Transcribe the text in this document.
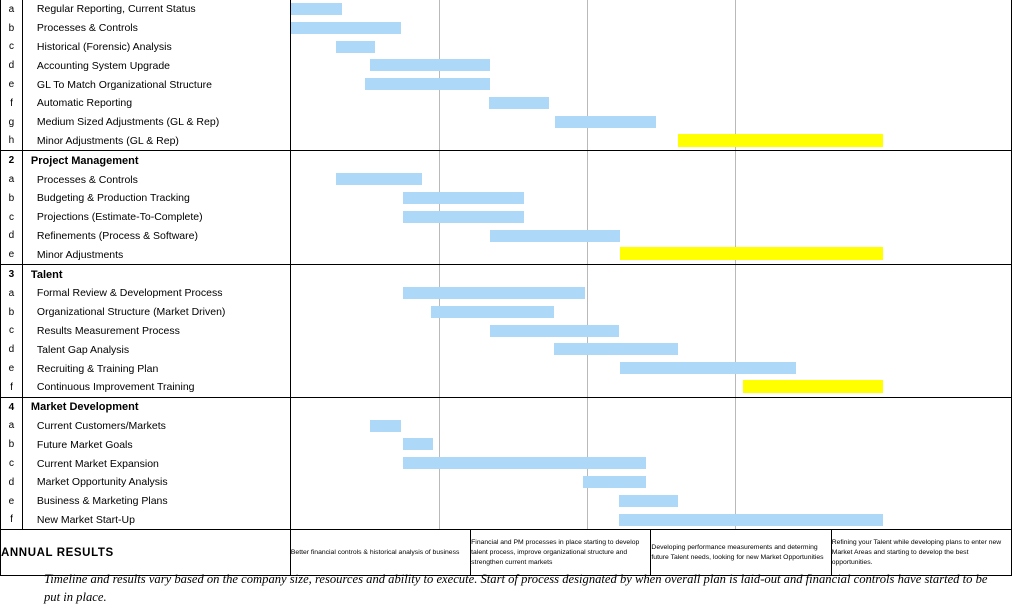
a	Regular Reporting, Current Status				

b	Processes & Controls				

c	Historical (Forensic) Analysis				

d	Accounting System Upgrade				

e	GL To Match Organizational Structure				

f	Automatic Reporting				

g	Medium Sized Adjustments (GL & Rep)				

h	Minor Adjustments (GL & Rep)				

2	Project Management				

a	Processes & Controls				

b	Budgeting & Production Tracking				

c	Projections (Estimate-To-Complete)				

d	Refinements (Process & Software)				

e	Minor Adjustments				

3	Talent				

a	Formal Review & Development Process				

b	Organizational Structure (Market Driven)				

c	Results Measurement Process				

d	Talent Gap Analysis				

e	Recruiting & Training Plan				

f	Continuous Improvement Training				

4	Market Development				

a	Current Customers/Markets				

b	Future Market Goals				

c	Current Market Expansion				

d	Market Opportunity Analysis				

e	Business & Marketing Plans				

f	New Market Start-Up				

ANNUAL RESULTS		Better financial controls & historical analysis of business	Financial and PM processes in place starting to develop talent process, improve organizational structure and strengthen current markets	Developing performance measurements and determing future Talent needs, looking for new Market Opportunities	Refining your Talent while developing plans to enter new Market Areas and starting to develop the best opportunities.
Timeline and results vary based on the company size, resources and ability to execute. Start of process designated by when overall plan is laid-out and financial controls have started to be put in place.
